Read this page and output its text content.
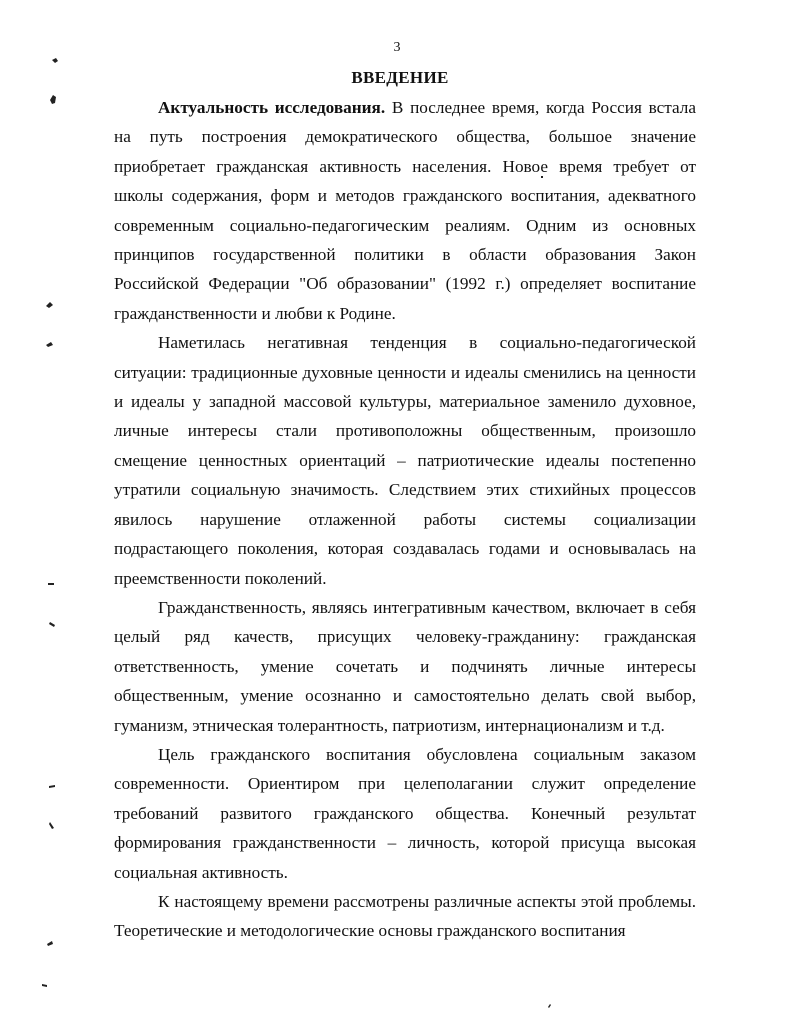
3
ВВЕДЕНИЕ

Актуальность исследования. В последнее время, когда Россия встала на путь построения демократического общества, большое значение приобретает гражданская активность населения. Новое время требует от школы содержания, форм и методов гражданского воспитания, адекватного современным социально-педагогическим реалиям. Одним из основных принципов государственной политики в области образования Закон Российской Федерации "Об образовании" (1992 г.) определяет воспитание гражданственности и любви к Родине.

Наметилась негативная тенденция в социально-педагогической ситуации: традиционные духовные ценности и идеалы сменились на ценности и идеалы у западной массовой культуры, материальное заменило духовное, личные интересы стали противоположны общественным, произошло смещение ценностных ориентаций – патриотические идеалы постепенно утратили социальную значимость. Следствием этих стихийных процессов явилось нарушение отлаженной работы системы социализации подрастающего поколения, которая создавалась годами и основывалась на преемственности поколений.

Гражданственность, являясь интегративным качеством, включает в себя целый ряд качеств, присущих человеку-гражданину: гражданская ответственность, умение сочетать и подчинять личные интересы общественным, умение осознанно и самостоятельно делать свой выбор, гуманизм, этническая толерантность, патриотизм, интернационализм и т.д.

Цель гражданского воспитания обусловлена социальным заказом современности. Ориентиром при целеполагании служит определение требований развитого гражданского общества. Конечный результат формирования гражданственности – личность, которой присуща высокая социальная активность.

К настоящему времени рассмотрены различные аспекты этой проблемы. Теоретические и методологические основы гражданского воспитания
